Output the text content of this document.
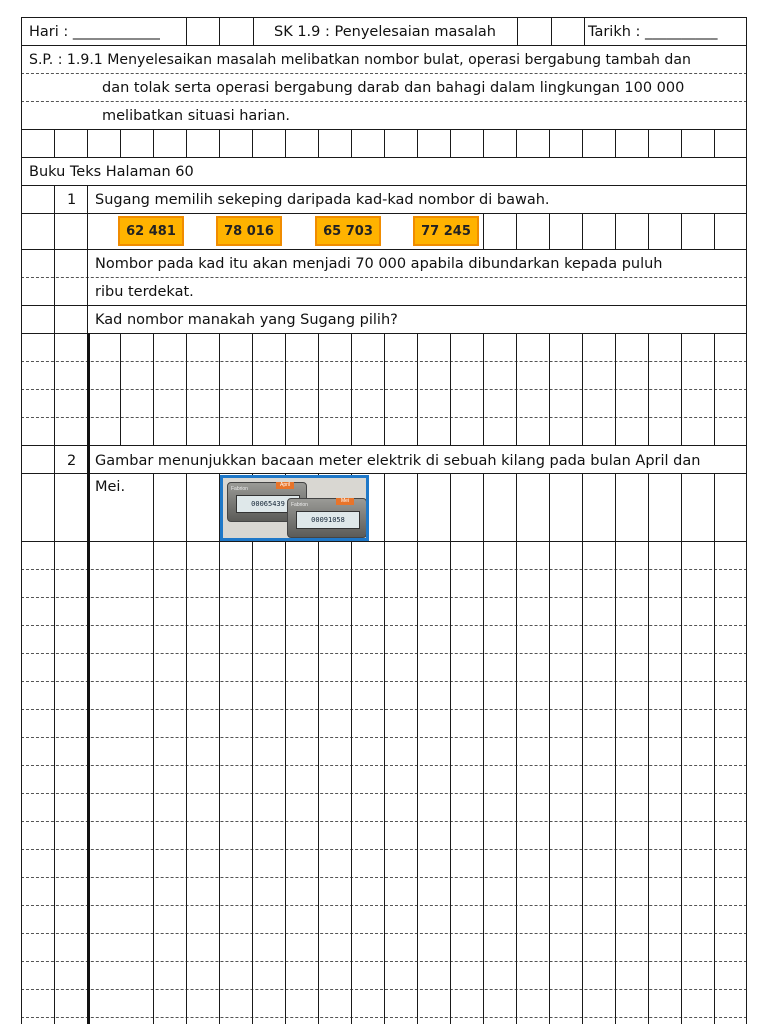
Hari : ____________	SK 1.9 : Penyelesaian masalah	Tarikh : __________
S.P. : 1.9.1 Menyelesaikan masalah melibatkan nombor bulat, operasi bergabung tambah dan
dan tolak serta operasi bergabung darab dan bahagi dalam lingkungan 100 000
melibatkan situasi harian.
Buku Teks Halaman 60
1 Sugang memilih sekeping daripada kad-kad nombor di bawah.
62 481	78 016	65 703	77 245
Nombor pada kad itu akan menjadi 70 000 apabila dibundarkan kepada puluh
ribu terdekat.
Kad nombor manakah yang Sugang pilih?
2 Gambar menunjukkan bacaan meter elektrik di sebuah kilang pada bulan April dan
Mei.	Fabrion
April
00065439	Fabrion
Mei
00091058
